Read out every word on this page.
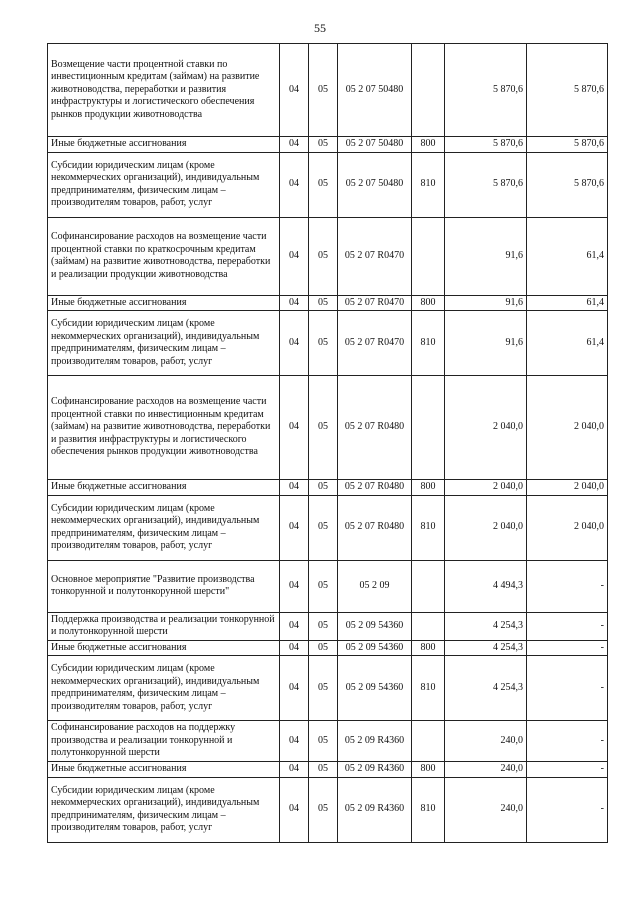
55
Возмещение части процентной ставки по инвестиционным кредитам (займам) на развитие животноводства, переработки и развития инфраструктуры и логистического обеспечения рынков продукции животноводства	04	05	05 2 07 50480		5 870,6	5 870,6
Иные бюджетные ассигнования	04	05	05 2 07 50480	800	5 870,6	5 870,6
Субсидии юридическим лицам (кроме некоммерческих организаций), индивидуальным предпринимателям, физическим лицам – производителям товаров, работ, услуг	04	05	05 2 07 50480	810	5 870,6	5 870,6
Софинансирование расходов на возмещение части процентной ставки по краткосрочным кредитам (займам) на развитие животноводства, переработки и реализации продукции животноводства	04	05	05 2 07 R0470		91,6	61,4
Иные бюджетные ассигнования	04	05	05 2 07 R0470	800	91,6	61,4
Субсидии юридическим лицам (кроме некоммерческих организаций), индивидуальным предпринимателям, физическим лицам – производителям товаров, работ, услуг	04	05	05 2 07 R0470	810	91,6	61,4
Софинансирование расходов на возмещение части процентной ставки по инвестиционным кредитам (займам) на развитие животноводства, переработки и развития инфраструктуры и логистического обеспечения рынков продукции животноводства	04	05	05 2 07 R0480		2 040,0	2 040,0
Иные бюджетные ассигнования	04	05	05 2 07 R0480	800	2 040,0	2 040,0
Субсидии юридическим лицам (кроме некоммерческих организаций), индивидуальным предпринимателям, физическим лицам – производителям товаров, работ, услуг	04	05	05 2 07 R0480	810	2 040,0	2 040,0
Основное мероприятие "Развитие производства тонкорунной и полутонкорунной шерсти"	04	05	05 2 09		4 494,3	-
Поддержка производства и реализации тонкорунной и полутонкорунной шерсти	04	05	05 2 09 54360		4 254,3	-
Иные бюджетные ассигнования	04	05	05 2 09 54360	800	4 254,3	-
Субсидии юридическим лицам (кроме некоммерческих организаций), индивидуальным предпринимателям, физическим лицам – производителям товаров, работ, услуг	04	05	05 2 09 54360	810	4 254,3	-
Софинансирование расходов на поддержку производства и реализации тонкорунной и полутонкорунной шерсти	04	05	05 2 09 R4360		240,0	-
Иные бюджетные ассигнования	04	05	05 2 09 R4360	800	240,0	-
Субсидии юридическим лицам (кроме некоммерческих организаций), индивидуальным предпринимателям, физическим лицам – производителям товаров, работ, услуг	04	05	05 2 09 R4360	810	240,0	-
